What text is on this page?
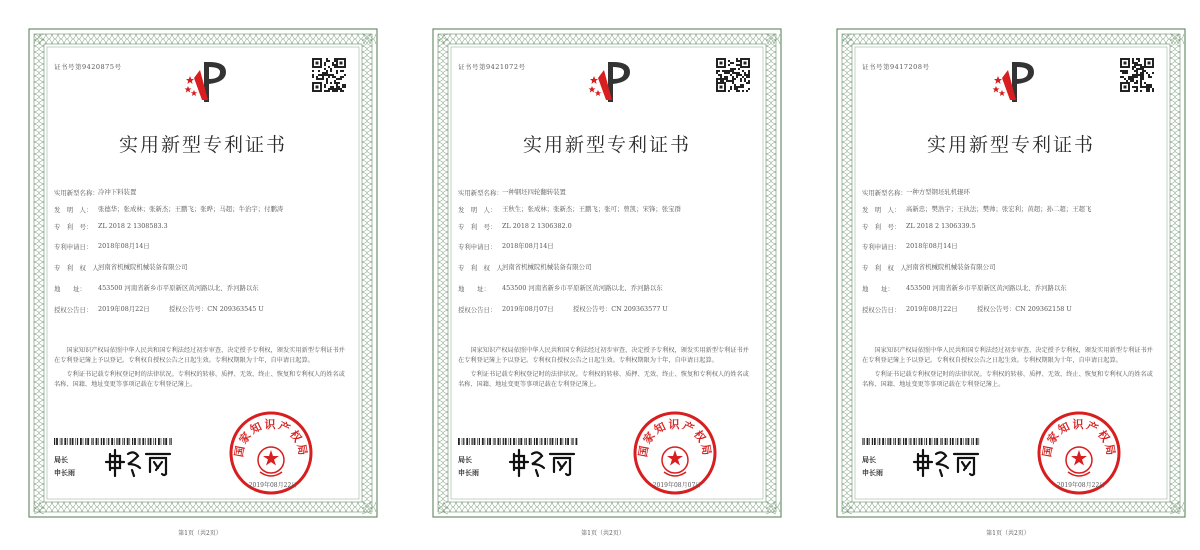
证书号第9420875号
实用新型专利证书
实用新型名称： 冷冲下料装置
发　明　人： 张德华；张成林；张新杰；王鹏飞；张晔；马超；牛治宇；付鹏涛
专　利　号： ZL 2018 2 1308583.3
专利申请日： 2018年08月14日
专　利　权　人：
河南省机械院机械装备有限公司
地　　址：	453500 河南省新乡市平原新区黄河路以北、乔河路以东
授权公告日： 2019年08月22日　　　授权公告号：CN 209363545 U

国家知识产权局依照中华人民共和国专利法经过初步审查，决定授予专利权，颁发实用新型专利证书并在专利登记簿上予以登记。专利权自授权公告之日起生效。专利权期限为十年，自申请日起算。

专利证书记载专利权登记时的法律状况。专利权的转移、质押、无效、终止、恢复和专利权人的姓名或名称、国籍、地址变更等事项记载在专利登记簿上。

局长
申长雨
国家知识产权局
2019年08月22日
证书号第9421072号
实用新型专利证书
实用新型名称： 一种钢坯四轮翻转装置
发　明　人： 王秋生；张成林；张新杰；王鹏飞；张可；曾凯；宋锋；张宝群
专　利　号： ZL 2018 2 1306382.0
专利申请日： 2018年08月14日
专　利　权　人：
河南省机械院机械装备有限公司
地　　址：	453500 河南省新乡市平原新区黄河路以北、乔河路以东
授权公告日： 2019年08月07日　　　授权公告号：CN 209363577 U

国家知识产权局依照中华人民共和国专利法经过初步审查，决定授予专利权，颁发实用新型专利证书并在专利登记簿上予以登记。专利权自授权公告之日起生效。专利权期限为十年，自申请日起算。

专利证书记载专利权登记时的法律状况。专利权的转移、质押、无效、终止、恢复和专利权人的姓名或名称、国籍、地址变更等事项记载在专利登记簿上。

局长
申长雨
国家知识产权局
2019年08月07日
证书号第9417208号
实用新型专利证书
实用新型名称： 一种方型钢坯轧机辊环
发　明　人： 高新忠；樊浩宇；王执法；樊帅；张宏利；黄超；孙二超；王超飞
专　利　号： ZL 2018 2 1306339.5
专利申请日： 2018年08月14日
专　利　权　人：
河南省机械院机械装备有限公司
地　　址：	453500 河南省新乡市平原新区黄河路以北、乔河路以东
授权公告日： 2019年08月22日　　　授权公告号：CN 209362158 U

国家知识产权局依照中华人民共和国专利法经过初步审查，决定授予专利权，颁发实用新型专利证书并在专利登记簿上予以登记。专利权自授权公告之日起生效。专利权期限为十年，自申请日起算。

专利证书记载专利权登记时的法律状况。专利权的转移、质押、无效、终止、恢复和专利权人的姓名或名称、国籍、地址变更等事项记载在专利登记簿上。

局长
申长雨
国家知识产权局
2019年08月22日
第1页（共2页）	第1页（共2页）	第1页（共2页）
